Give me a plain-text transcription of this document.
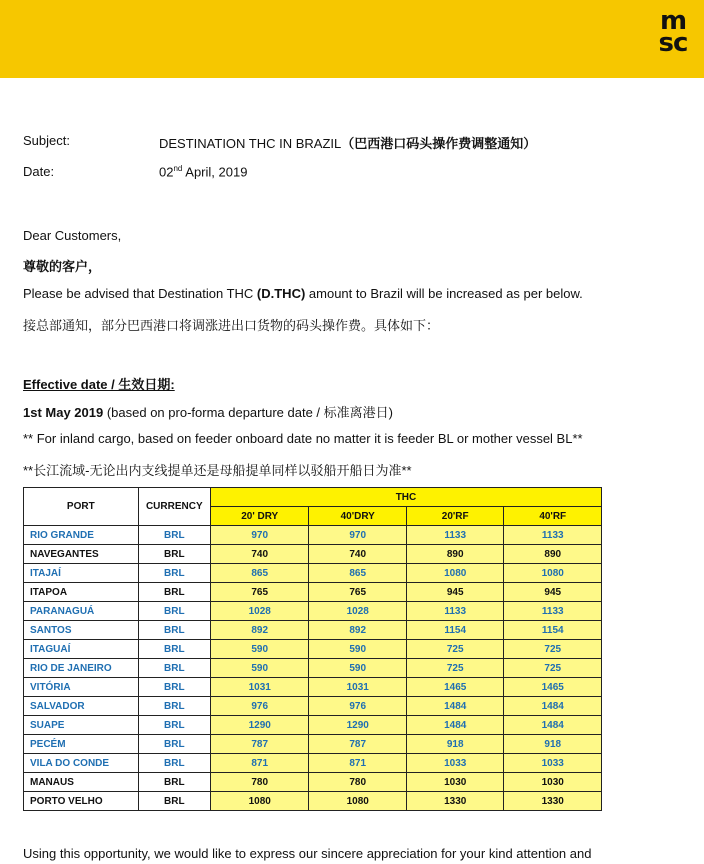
m
sc
Subject:	DESTINATION THC IN BRAZIL（巴西港口码头操作费调整通知）
Date:	02nd April, 2019
Dear Customers,
尊敬的客户，
Please be advised that Destination THC (D.THC) amount to Brazil will be increased as per below.
接总部通知，部分巴西港口将调涨进出口货物的码头操作费。具体如下：
Effective date / 生效日期:
1st May 2019 (based on pro-forma departure date / 标准离港日)
** For inland cargo, based on feeder onboard date no matter it is feeder BL or mother vessel BL**
**长江流域-无论出内支线提单还是母船提单同样以驳船开船日为准**
PORT	CURRENCY	THC			
		20' DRY	40'DRY	20'RF	40'RF
RIO GRANDE	BRL	970	970	1133	1133
NAVEGANTES	BRL	740	740	890	890
ITAJAÍ	BRL	865	865	1080	1080
ITAPOA	BRL	765	765	945	945
PARANAGUÁ	BRL	1028	1028	1133	1133
SANTOS	BRL	892	892	1154	1154
ITAGUAÍ	BRL	590	590	725	725
RIO DE JANEIRO	BRL	590	590	725	725
VITÓRIA	BRL	1031	1031	1465	1465
SALVADOR	BRL	976	976	1484	1484
SUAPE	BRL	1290	1290	1484	1484
PECÉM	BRL	787	787	918	918
VILA DO CONDE	BRL	871	871	1033	1033
MANAUS	BRL	780	780	1030	1030
PORTO VELHO	BRL	1080	1080	1330	1330
Using this opportunity, we would like to express our sincere appreciation for your kind attention and
